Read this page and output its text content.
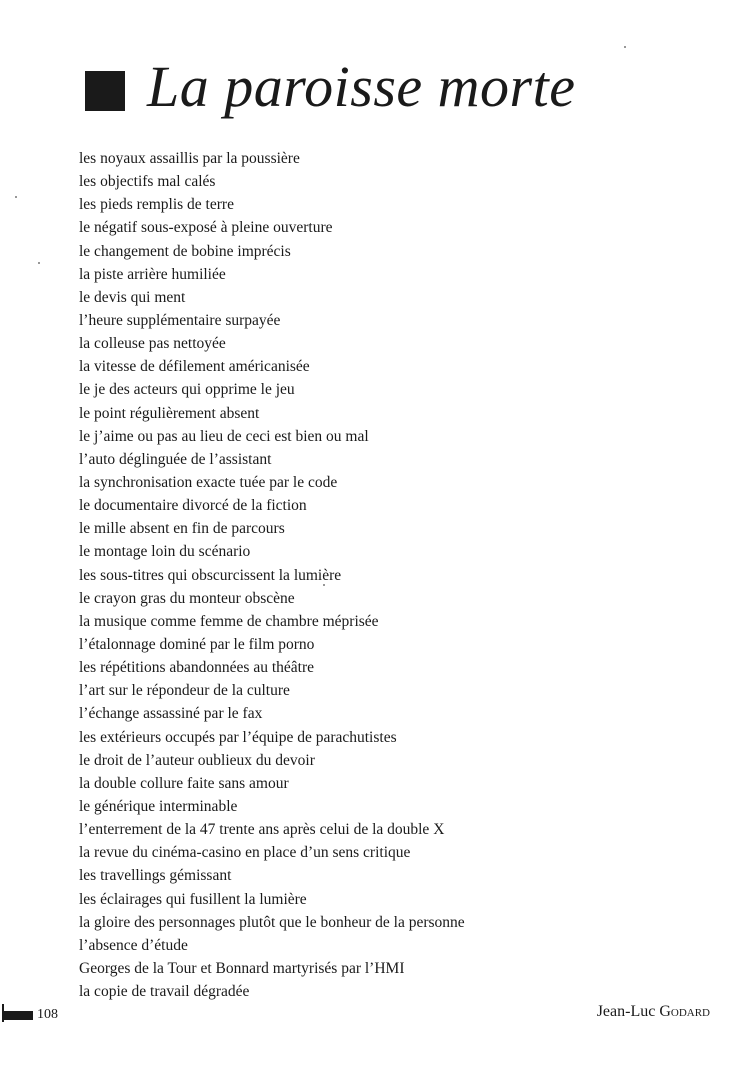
La paroisse morte
les noyaux assaillis par la poussière
les objectifs mal calés
les pieds remplis de terre
le négatif sous-exposé à pleine ouverture
le changement de bobine imprécis
la piste arrière humiliée
le devis qui ment
l’heure supplémentaire surpayée
la colleuse pas nettoyée
la vitesse de défilement américanisée
le je des acteurs qui opprime le jeu
le point régulièrement absent
le j’aime ou pas au lieu de ceci est bien ou mal
l’auto déglinguée de l’assistant
la synchronisation exacte tuée par le code
le documentaire divorcé de la fiction
le mille absent en fin de parcours
le montage loin du scénario
les sous-titres qui obscurcissent la lumière
le crayon gras du monteur obscène
la musique comme femme de chambre méprisée
l’étalonnage dominé par le film porno
les répétitions abandonnées au théâtre
l’art sur le répondeur de la culture
l’échange assassiné par le fax
les extérieurs occupés par l’équipe de parachutistes
le droit de l’auteur oublieux du devoir
la double collure faite sans amour
le générique interminable
l’enterrement de la 47 trente ans après celui de la double X
la revue du cinéma-casino en place d’un sens critique
les travellings gémissant
les éclairages qui fusillent la lumière
la gloire des personnages plutôt que le bonheur de la personne
l’absence d’étude
Georges de la Tour et Bonnard martyrisés par l’HMI
la copie de travail dégradée
108	Jean-Luc Godard
